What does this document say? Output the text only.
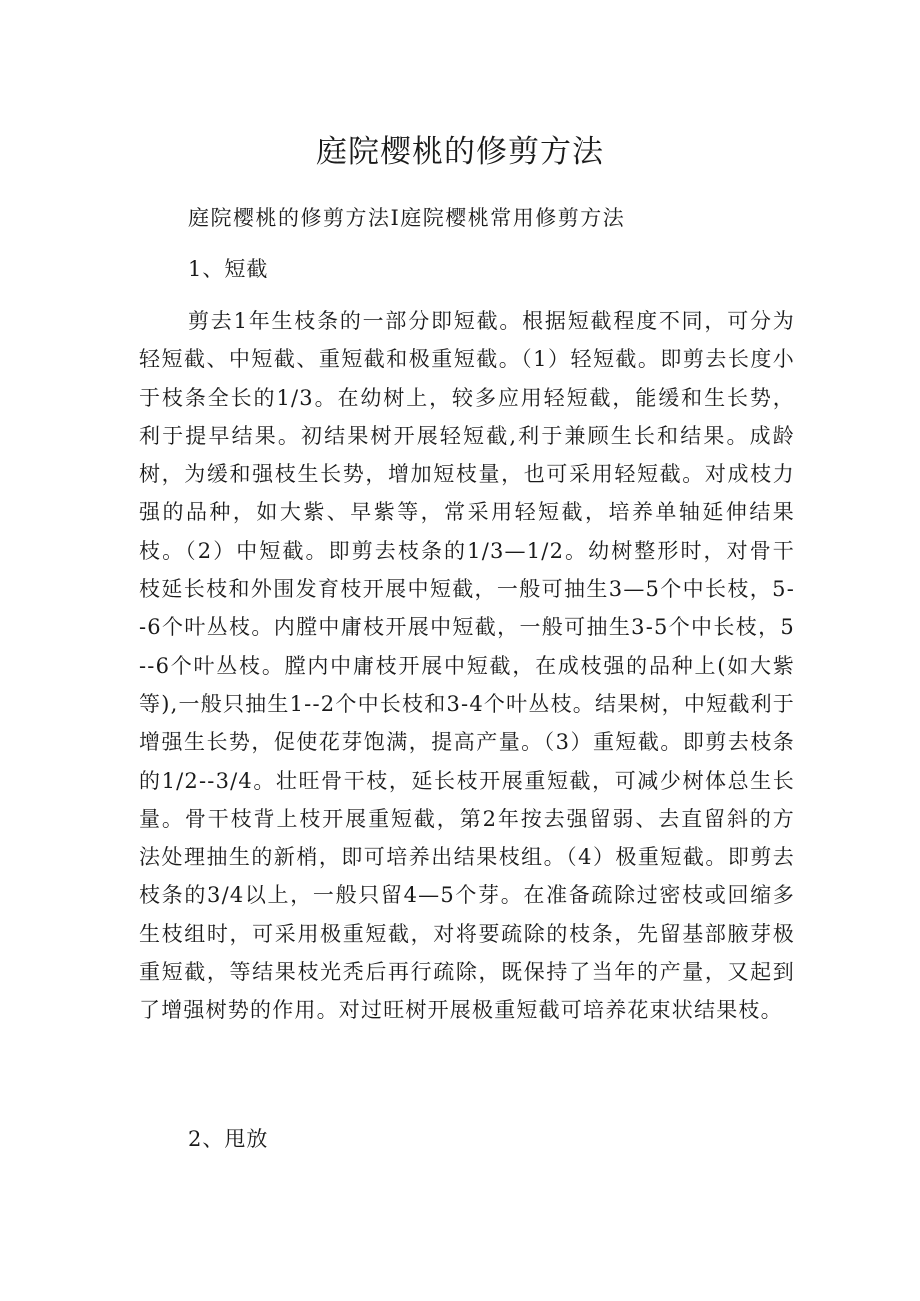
庭院樱桃的修剪方法

庭院樱桃的修剪方法Ⅰ庭院樱桃常用修剪方法

1、短截

剪去1年生枝条的一部分即短截。根据短截程度不同，可分为轻短截、中短截、重短截和极重短截。（1）轻短截。即剪去长度小于枝条全长的1/3。在幼树上，较多应用轻短截，能缓和生长势，利于提早结果。初结果树开展轻短截,利于兼顾生长和结果。成龄树，为缓和强枝生长势，增加短枝量，也可采用轻短截。对成枝力强的品种，如大紫、早紫等，常采用轻短截，培养单轴延伸结果枝。（2）中短截。即剪去枝条的1/3—1/2。幼树整形时，对骨干枝延长枝和外围发育枝开展中短截，一般可抽生3—5个中长枝，5--6个叶丛枝。内膛中庸枝开展中短截，一般可抽生3-5个中长枝，5--6个叶丛枝。膛内中庸枝开展中短截，在成枝强的品种上(如大紫等),一般只抽生1--2个中长枝和3-4个叶丛枝。结果树，中短截利于增强生长势，促使花芽饱满，提高产量。（3）重短截。即剪去枝条的1/2--3/4。壮旺骨干枝，延长枝开展重短截，可减少树体总生长量。骨干枝背上枝开展重短截，第2年按去强留弱、去直留斜的方法处理抽生的新梢，即可培养出结果枝组。（4）极重短截。即剪去枝条的3/4以上，一般只留4—5个芽。在准备疏除过密枝或回缩多生枝组时，可采用极重短截，对将要疏除的枝条，先留基部腋芽极重短截，等结果枝光秃后再行疏除，既保持了当年的产量，又起到了增强树势的作用。对过旺树开展极重短截可培养花束状结果枝。

2、甩放
